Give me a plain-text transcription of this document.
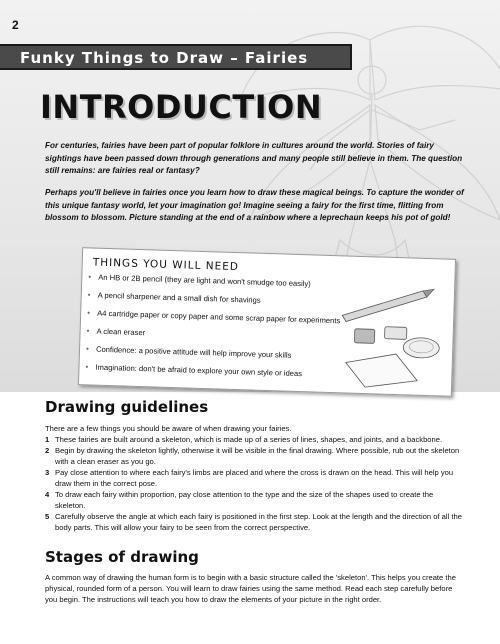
2
Funky Things to Draw – Fairies
INTRODUCTION

For centuries, fairies have been part of popular folklore in cultures around the world. Stories of fairy sightings have been passed down through generations and many people still believe in them. The question still remains: are fairies real or fantasy?

Perhaps you'll believe in fairies once you learn how to draw these magical beings. To capture the wonder of this unique fantasy world, let your imagination go! Imagine seeing a fairy for the first time, flitting from blossom to blossom. Picture standing at the end of a rainbow where a leprechaun keeps his pot of gold!

THINGS YOU WILL NEED
• An HB or 2B pencil (they are light and won't smudge too easily)
• A pencil sharpener and a small dish for shavings
• A4 cartridge paper or copy paper and some scrap paper for experiments
• A clean eraser
• Confidence: a positive attitude will help improve your skills
• Imagination: don't be afraid to explore your own style or ideas
Drawing guidelines

There are a few things you should be aware of when drawing your fairies.

1 These fairies are built around a skeleton, which is made up of a series of lines, shapes, and joints, and a backbone.
2 Begin by drawing the skeleton lightly, otherwise it will be visible in the final drawing. Where possible, rub out the skeleton with a clean eraser as you go.
3 Pay close attention to where each fairy's limbs are placed and where the cross is drawn on the head. This will help you draw them in the correct pose.
4 To draw each fairy within proportion, pay close attention to the type and the size of the shapes used to create the skeleton.
5 Carefully observe the angle at which each fairy is positioned in the first step. Look at the length and the direction of all the body parts. This will allow your fairy to be seen from the correct perspective.
Stages of drawing

A common way of drawing the human form is to begin with a basic structure called the 'skeleton'. This helps you create the physical, rounded form of a person. You will learn to draw fairies using the same method. Read each step carefully before you begin. The instructions will teach you how to draw the elements of your picture in the right order.
